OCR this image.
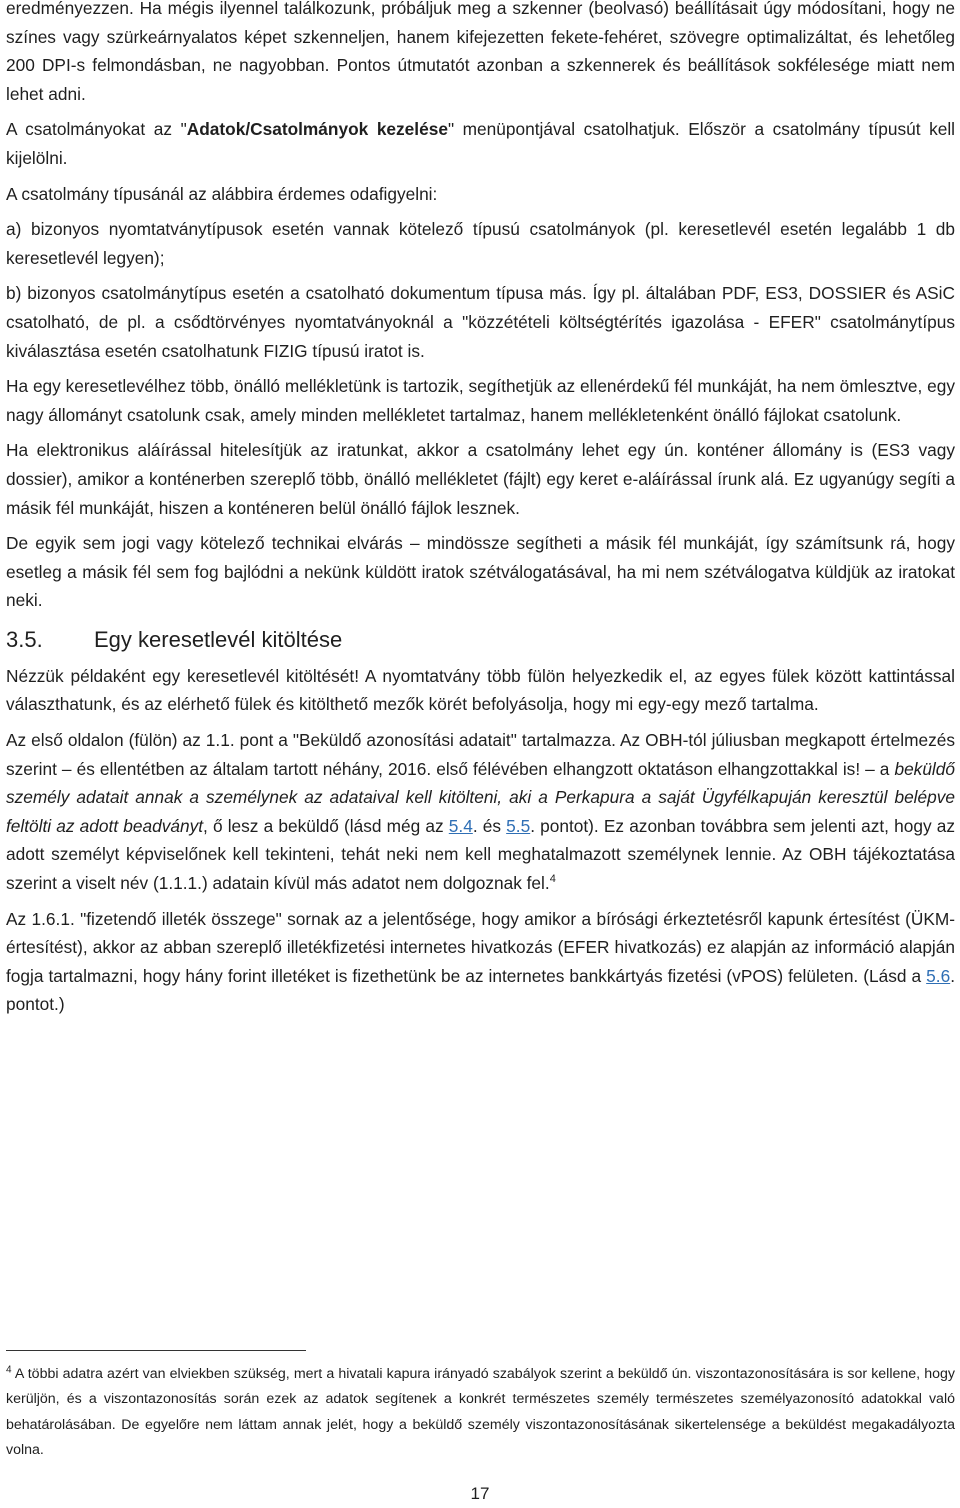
eredményezzen. Ha mégis ilyennel találkozunk, próbáljuk meg a szkenner (beolvasó) beállításait úgy módosítani, hogy ne színes vagy szürkeárnyalatos képet szkenneljen, hanem kifejezetten fekete-fehéret, szövegre optimalizáltat, és lehetőleg 200 DPI-s felmondásban, ne nagyobban. Pontos útmutatót azonban a szkennerek és beállítások sokfélesége miatt nem lehet adni.

A csatolmányokat az "Adatok/Csatolmányok kezelése" menüpontjával csatolhatjuk. Először a csatolmány típusút kell kijelölni.

A csatolmány típusánál az alábbira érdemes odafigyelni:

a) bizonyos nyomtatványtípusok esetén vannak kötelező típusú csatolmányok (pl. keresetlevél esetén legalább 1 db keresetlevél legyen);

b) bizonyos csatolmánytípus esetén a csatolható dokumentum típusa más. Így pl. általában PDF, ES3, DOSSIER és ASiC csatolható, de pl. a csődtörvényes nyomtatványoknál a "közzétételi költségtérítés igazolása - EFER" csatolmánytípus kiválasztása esetén csatolhatunk FIZIG típusú iratot is.

Ha egy keresetlevélhez több, önálló mellékletünk is tartozik, segíthetjük az ellenérdekű fél munkáját, ha nem ömlesztve, egy nagy állományt csatolunk csak, amely minden mellékletet tartalmaz, hanem mellékletenként önálló fájlokat csatolunk.

Ha elektronikus aláírással hitelesítjük az iratunkat, akkor a csatolmány lehet egy ún. konténer állomány is (ES3 vagy dossier), amikor a konténerben szereplő több, önálló mellékletet (fájlt) egy keret e-aláírással írunk alá. Ez ugyanúgy segíti a másik fél munkáját, hiszen a konténeren belül önálló fájlok lesznek.

De egyik sem jogi vagy kötelező technikai elvárás – mindössze segítheti a másik fél munkáját, így számítsunk rá, hogy esetleg a másik fél sem fog bajlódni a nekünk küldött iratok szétválogatásával, ha mi nem szétválogatva küldjük az iratokat neki.

3.5.	Egy keresetlevél kitöltése

Nézzük példaként egy keresetlevél kitöltését! A nyomtatvány több fülön helyezkedik el, az egyes fülek között kattintással választhatunk, és az elérhető fülek és kitölthető mezők körét befolyásolja, hogy mi egy-egy mező tartalma.

Az első oldalon (fülön) az 1.1. pont a "Beküldő azonosítási adatait" tartalmazza. Az OBH-tól júliusban megkapott értelmezés szerint – és ellentétben az általam tartott néhány, 2016. első félévében elhangzott oktatáson elhangzottakkal is! – a beküldő személy adatait annak a személynek az adataival kell kitölteni, aki a Perkapura a saját Ügyfélkapuján keresztül belépve feltölti az adott beadványt, ő lesz a beküldő (lásd még az 5.4. és 5.5. pontot). Ez azonban továbbra sem jelenti azt, hogy az adott személyt képviselőnek kell tekinteni, tehát neki nem kell meghatalmazott személynek lennie. Az OBH tájékoztatása szerint a viselt név (1.1.1.) adatain kívül más adatot nem dolgoznak fel.$^4$

Az 1.6.1. "fizetendő illeték összege" sornak az a jelentősége, hogy amikor a bírósági érkeztetésről kapunk értesítést (ÜKM-értesítést), akkor az abban szereplő illetékfizetési internetes hivatkozás (EFER hivatkozás) ez alapján az információ alapján fogja tartalmazni, hogy hány forint illetéket is fizethetünk be az internetes bankkártyás fizetési (vPOS) felületen. (Lásd a 5.6. pontot.)

$^4$ A többi adatra azért van elviekben szükség, mert a hivatali kapura irányadó szabályok szerint a beküldő ún. viszontazonosítására is sor kellene, hogy kerüljön, és a viszontazonosítás során ezek az adatok segítenek a konkrét természetes személy természetes személyazonosító adatokkal való behatárolásában. De egyelőre nem láttam annak jelét, hogy a beküldő személy viszontazonosításának sikertelensége a beküldést megakadályozta volna.

17
